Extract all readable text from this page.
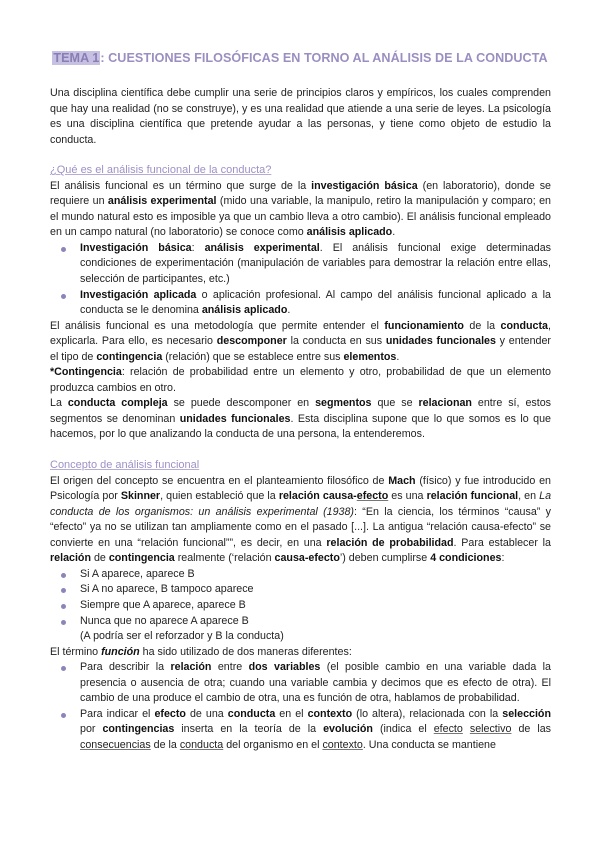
TEMA 1: CUESTIONES FILOSÓFICAS EN TORNO AL ANÁLISIS DE LA CONDUCTA

Una disciplina científica debe cumplir una serie de principios claros y empíricos, los cuales comprenden que hay una realidad (no se construye), y es una realidad que atiende a una serie de leyes. La psicología es una disciplina científica que pretende ayudar a las personas, y tiene como objeto de estudio la conducta.

¿Qué es el análisis funcional de la conducta?

El análisis funcional es un término que surge de la investigación básica (en laboratorio), donde se requiere un análisis experimental (mido una variable, la manipulo, retiro la manipulación y comparo; en el mundo natural esto es imposible ya que un cambio lleva a otro cambio). El análisis funcional empleado en un campo natural (no laboratorio) se conoce como análisis aplicado.

Investigación básica: análisis experimental. El análisis funcional exige determinadas condiciones de experimentación (manipulación de variables para demostrar la relación entre ellas, selección de participantes, etc.)
Investigación aplicada o aplicación profesional. Al campo del análisis funcional aplicado a la conducta se le denomina análisis aplicado.

El análisis funcional es una metodología que permite entender el funcionamiento de la conducta, explicarla. Para ello, es necesario descomponer la conducta en sus unidades funcionales y entender el tipo de contingencia (relación) que se establece entre sus elementos.

*Contingencia: relación de probabilidad entre un elemento y otro, probabilidad de que un elemento produzca cambios en otro.

La conducta compleja se puede descomponer en segmentos que se relacionan entre sí, estos segmentos se denominan unidades funcionales. Esta disciplina supone que lo que somos es lo que hacemos, por lo que analizando la conducta de una persona, la entenderemos.

Concepto de análisis funcional

El origen del concepto se encuentra en el planteamiento filosófico de Mach (físico) y fue introducido en Psicología por Skinner, quien estableció que la relación causa-efecto es una relación funcional, en La conducta de los organismos: un análisis experimental (1938): “En la ciencia, los términos “causa” y “efecto” ya no se utilizan tan ampliamente como en el pasado [...]. La antigua “relación causa-efecto” se convierte en una “relación funcional””, es decir, en una relación de probabilidad. Para establecer la relación de contingencia realmente (‘relación causa-efecto’) deben cumplirse 4 condiciones:

Si A aparece, aparece B
Si A no aparece, B tampoco aparece
Siempre que A aparece, aparece B
Nunca que no aparece A aparece B
(A podría ser el reforzador y B la conducta)

El término función ha sido utilizado de dos maneras diferentes:

Para describir la relación entre dos variables (el posible cambio en una variable dada la presencia o ausencia de otra; cuando una variable cambia y decimos que es efecto de otra). El cambio de una produce el cambio de otra, una es función de otra, hablamos de probabilidad.
Para indicar el efecto de una conducta en el contexto (lo altera), relacionada con la selección por contingencias inserta en la teoría de la evolución (indica el efecto selectivo de las consecuencias de la conducta del organismo en el contexto. Una conducta se mantiene
